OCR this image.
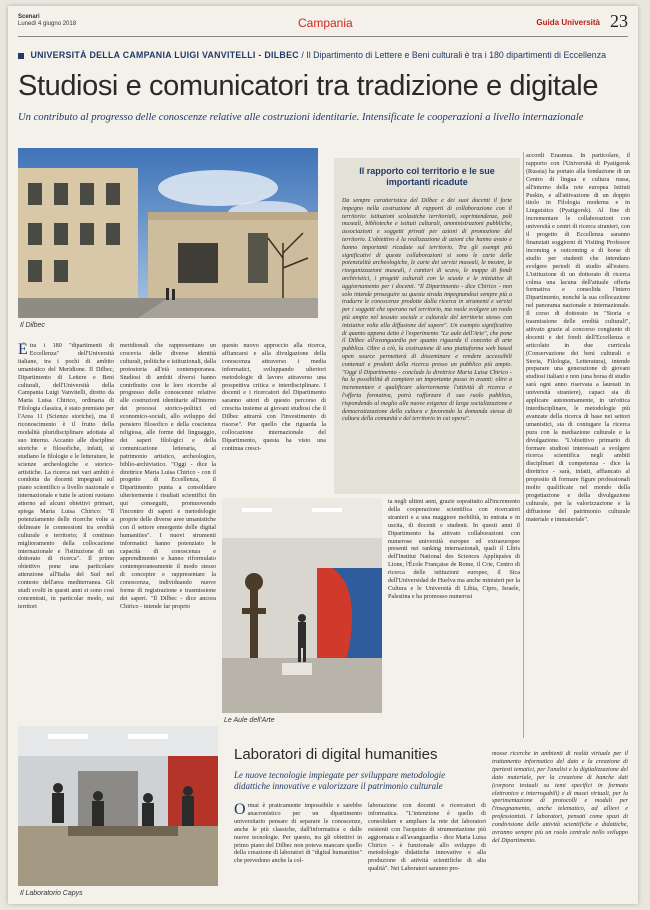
Scenari
Lunedì 4 giugno 2018	Campania	Guida Università 23
UNIVERSITÀ DELLA CAMPANIA LUIGI VANVITELLI - DILBEC / Il Dipartimento di Lettere e Beni culturali è tra i 180 dipartimenti di Eccellenza
Studiosi e comunicatori tra tradizione e digitale
Un contributo al progresso delle conoscenze relative alle costruzioni identitarie. Intensificate le cooperazioni a livello internazionale
Il Dilbec
Il rapporto col territorio e le sue importanti ricadute
Da sempre caratteristica del Dilbec e dei suoi docenti il forte impegno nella costruzione di rapporti di collaborazione con il territorio: istituzioni scolastiche territoriali, soprintendenze, poli museali, biblioteche e istituti culturali, amministrazioni pubbliche, associazioni e soggetti privati per azioni di promozione del territorio. L'obiettivo è la realizzazione di azioni che hanno avuto e hanno importanti ricadute sul territorio. Tra gli esempi più significativi di queste collaborazioni si sono le carte delle potenzialità archeologiche, le carte dei servizi museali, le mostre, le riorganizzazioni museali, i cantieri di scavo, le mappe di fondi archivistici, i progetti culturali con le scuole e le iniziative di aggiornamento per i docenti. "Il Dipartimento - dice Chirico - non solo intende proseguire su questa strada impegnandosi sempre più a tradurre le conoscenze prodotte dalla ricerca in strumenti e servizi per i soggetti che operano nel territorio, ma vuole svolgere un ruolo più ampio nel tessuto sociale e culturale del territorio stesso con iniziative volte alla diffusione del sapere". Un esempio significativo di quanto appena detto è l'esperimento "Le aule dell'Arte", che pone il Dilbec all'avanguardia per quanto riguarda il concetto di arte pubblica. Oltre a ciò, la costruzione di una piattaforma web based open source permetterà di disseminare e rendere accessibili contenuti e prodotti della ricerca presso un pubblico più ampio. "Oggi il Dipartimento - conclude la direttrice Maria Luisa Chirico - ha la possibilità di compiere un importante passo in avanti: oltre a incrementare e qualificare ulteriormente l'attività di ricerca e l'offerta formativa, potrà rafforzare il suo ruolo pubblico, rispondendo al meglio alle nuove esigenze di larga socializzazione e democratizzazione della cultura e favorendo la domanda stessa di cultura della comunità e del territorio in cui opera".
accordi Erasmus. In particolare, il rapporto con l'Università di Pyatigorsk (Russia) ha portato alla fondazione di un Centro di lingua e cultura russa, all'interno della rete europea Istituti Puskin, e all'attivazione di un doppio titolo in Filologia moderna e in Linguistics (Pyatigorsk). Al fine di incrementare le collaborazioni con università e centri di ricerca stranieri, con il progetto di Eccellenza saranno finanziati soggiorni di Visiting Professor incoming e outcoming e di borse di studio per studenti che intendano svolgere periodi di studio all'estero. L'istituzione di un dottorato di ricerca colma una lacuna dell'attuale offerta formativa e consolida l'intero Dipartimento, nonché la sua collocazione nel panorama nazionale e internazionale. Il corso di dottorato in "Storia e trasmissione delle eredità culturali", attivato grazie al concorso congiunto di docenti e dei fondi dell'Eccellenza e articolato in due curricula (Conservazione dei beni culturali e Storia, Filologia, Letteratura), intende preparare una generazione di giovani studiosi italiani e non (una borsa di studio sarà ogni anno riservata a laureati in università straniere), capaci sia di applicare autonomamente, in un'ottica interdisciplinare, le metodologie più avanzate della ricerca di base nei settori umanistici, sia di coniugare la ricerca pura con la mediazione culturale e la divulgazione. "L'obiettivo primario di formare studiosi interessati a svolgere ricerca scientifica negli ambiti disciplinari di competenza - dice la direttrice - sarà, infatti, affiancato al proposito di formare figure professionali molto qualificate nel mondo della progettazione e della divulgazione culturale, per la valorizzazione e la diffusione del patrimonio culturale materiale e immateriale".
È tra i 180 "dipartimenti di Eccellenza" dell'Università italiane, tra i pochi di ambito umanistico del Meridione. Il Dilbec, Dipartimento di Lettere e Beni culturali, dell'Università della Campania Luigi Vanvitelli, diretto da Maria Luisa Chirico, ordinaria di Filologia classica, è stato premiato per l'Area 11 (Scienze storiche), ma il riconoscimento è il frutto della modalità pluridisciplinare adottata al suo interno. Accanto alle discipline storiche e filosofiche, infatti, si studiano le filologie e le letterature, le scienze archeologiche e storico-artistiche. La ricerca nei vari ambiti è condotta da docenti impegnati sul piano scientifico a livello nazionale e internazionale e tutte le azioni ruotano attorno ad alcuni obiettivi primari, spiega Maria Luisa Chirico: "Il potenziamento delle ricerche volte a delineare le connessioni tra eredità culturale e territorio; il continuo miglioramento della collocazione internazionale e l'istituzione di un dottorato di ricerca". Il primo obiettivo pone una particolare attenzione all'Italia del Sud nel contesto dell'area mediterranea. Gli studi svolti in questi anni si sono così concentrati, in particolar modo, sui territori
meridionali che rappresentano un crocevia delle diverse identità culturali, politiche e istituzionali, dalla protostoria all'età contemporanea. Studiosi di ambiti diversi hanno contribuito con le loro ricerche al progresso delle conoscenze relative alle costruzioni identitarie all'interno dei processi storico-politici ed economico-sociali, allo sviluppo del pensiero filosofico e della coscienza religiosa, alle forme del linguaggio, dei saperi filologici e della comunicazione letteraria, al patrimonio artistico, archeologico, biblio-archivistico. "Oggi - dice la direttrice Maria Luisa Chirico - con il progetto di Eccellenza, il Dipartimento punta a consolidare ulteriormente i risultati scientifici fin qui conseguiti, promuovendo l'incontro di saperi e metodologie proprie delle diverse aree umanistiche con il settore emergente delle digital humanities". I nuovi strumenti informatici hanno potenziato le capacità di conoscenza e apprendimento e hanno riformulato contemporaneamente il modo stesso di concepire e rappresentare la conoscenza, individuando nuove forme di registrazione e trasmissione dei saperi. "Il Dilbec - dice ancora Chirico - intende far proprio
questo nuovo approccio alla ricerca, affiancarsi e alla divulgazione della conoscenza attraverso i media informatici, sviluppando ulteriori metodologie di lavoro attraverso una prospettiva critica e interdisciplinare. I docenti e i ricercatori del Dipartimento saranno attori di questo percorso di crescita insieme ai giovani studiosi che il Dilbec attrarrà con l'investimento di risorse". Per quello che riguarda la collocazione internazionale del Dipartimento, questa ha visto una continua cresci-
Le Aule dell'Arte
ta negli ultimi anni, grazie soprattutto all'incremento della cooperazione scientifica con ricercatori stranieri e a una maggiore mobilità, in entrata e in uscita, di docenti e studenti. In questi anni il Dipartimento ha attivato collaborazioni con numerose università europee ed extraeuropee presenti nei ranking internazionali, quali il Lliris dell'Institut National des Sciences Appliquées di Lione, l'École Française de Rome, il Crie, Centro di ricerca delle istituzioni europee, il Sica dell'Universidad de Huelva ma anche ministeri per la Cultura e le Università di Libia, Cipro, Israele, Palestina e ha promosso numerosi
Il Laboratorio Capys
Laboratori di digital humanities
Le nuove tecnologie impiegate per sviluppare metodologie didattiche innovative e valorizzare il patrimonio culturale
Ormai è praticamente impossibile e sarebbe anacronistico per un dipartimento universitario pensare di separare le conoscenze, anche le più classiche, dall'informatica e dalle nuove tecnologie. Per questo, tra gli obiettivi in primo piano del Dilbec non poteva mancare quello della creazione di laboratori di "digital humanities" che prevedono anche la col-
laborazione con docenti e ricercatori di informatica. "L'intenzione è quello di consolidare e ampliare la rete dei laboratori esistenti con l'acquisto di strumentazione più aggiornata e all'avanguardia - dice Maria Luisa Chirico - è funzionale allo sviluppo di metodologie didattiche innovative e alla produzione di attività scientifiche di alta qualità". Nei Laboratori saranno pro-
mosse ricerche in ambienti di realtà virtuale per il trattamento informatico del dato e la creazione di ipertesti tematici, per l'analisi e la digitalizzazione del dato materiale, per la creazione di banche dati (corpora testuali su temi specifici in formato elettronico e interrogabili) e di musei virtuali, per la sperimentazione di protocolli e moduli per l'insegnamento, anche telematico, ad allievi e professionisti. I laboratori, pensati come spazi di condivisione delle attività scientifiche e didattiche, avranno sempre più un ruolo centrale nello sviluppo del Dipartimento.
